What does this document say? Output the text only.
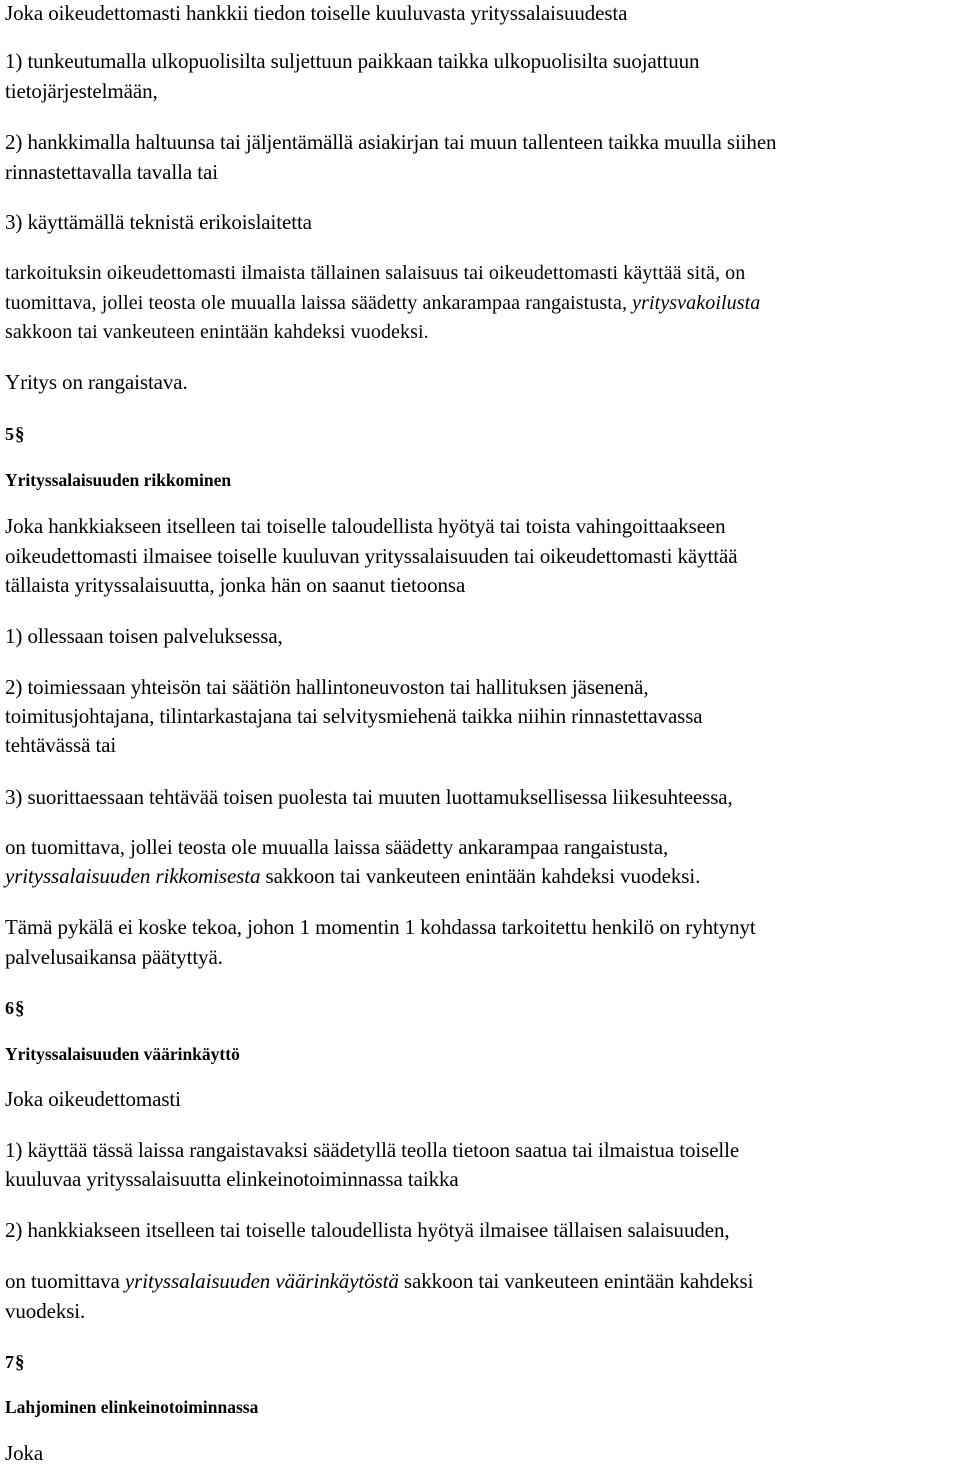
Joka oikeudettomasti hankkii tiedon toiselle kuuluvasta yrityssalaisuudesta
1) tunkeutumalla ulkopuolisilta suljettuun paikkaan taikka ulkopuolisilta suojattuun
tietojärjestelmään,
2) hankkimalla haltuunsa tai jäljentämällä asiakirjan tai muun tallenteen taikka muulla siihen
rinnastettavalla tavalla tai
3) käyttämällä teknistä erikoislaitetta
tarkoituksin oikeudettomasti ilmaista tällainen salaisuus tai oikeudettomasti käyttää sitä, on
tuomittava, jollei teosta ole muualla laissa säädetty ankarampaa rangaistusta, yritysvakoilusta
sakkoon tai vankeuteen enintään kahdeksi vuodeksi.
Yritys on rangaistava.
5§
Yrityssalaisuuden rikkominen
Joka hankkiakseen itselleen tai toiselle taloudellista hyötyä tai toista vahingoittaakseen
oikeudettomasti ilmaisee toiselle kuuluvan yrityssalaisuuden tai oikeudettomasti käyttää
tällaista yrityssalaisuutta, jonka hän on saanut tietoonsa
1) ollessaan toisen palveluksessa,
2) toimiessaan yhteisön tai säätiön hallintoneuvoston tai hallituksen jäsenenä,
toimitusjohtajana, tilintarkastajana tai selvitysmiehenä taikka niihin rinnastettavassa
tehtävässä tai
3) suorittaessaan tehtävää toisen puolesta tai muuten luottamuksellisessa liikesuhteessa,
on tuomittava, jollei teosta ole muualla laissa säädetty ankarampaa rangaistusta,
yrityssalaisuuden rikkomisesta sakkoon tai vankeuteen enintään kahdeksi vuodeksi.
Tämä pykälä ei koske tekoa, johon 1 momentin 1 kohdassa tarkoitettu henkilö on ryhtynyt
palvelusaikansa päätyttyä.
6§
Yrityssalaisuuden väärinkäyttö
Joka oikeudettomasti
1) käyttää tässä laissa rangaistavaksi säädetyllä teolla tietoon saatua tai ilmaistua toiselle
kuuluvaa yrityssalaisuutta elinkeinotoiminnassa taikka
2) hankkiakseen itselleen tai toiselle taloudellista hyötyä ilmaisee tällaisen salaisuuden,
on tuomittava yrityssalaisuuden väärinkäytöstä sakkoon tai vankeuteen enintään kahdeksi
vuodeksi.
7§
Lahjominen elinkeinotoiminnassa
Joka
